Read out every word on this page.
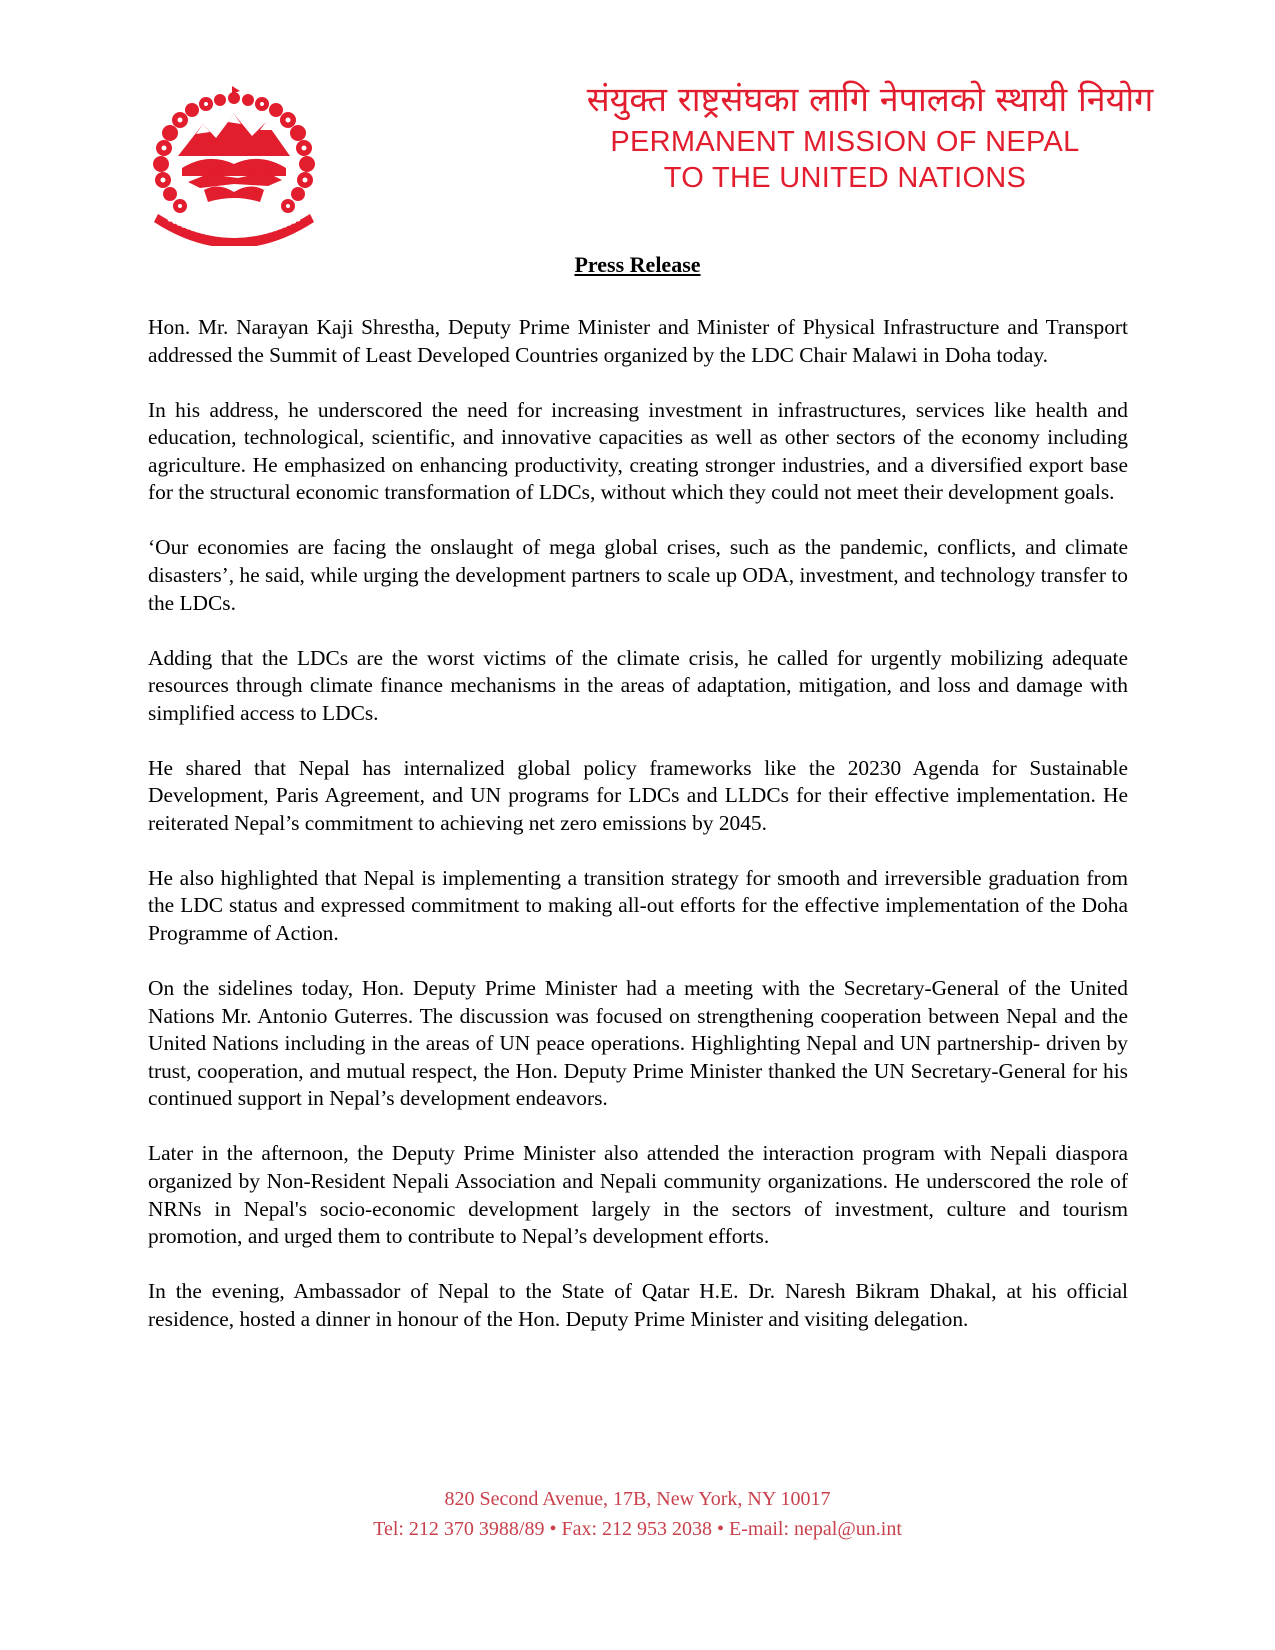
संयुक्त राष्ट्रसंघका लागि नेपालको स्थायी नियोग
PERMANENT MISSION OF NEPAL
TO THE UNITED NATIONS
Press Release

Hon. Mr. Narayan Kaji Shrestha, Deputy Prime Minister and Minister of Physical Infrastructure and Transport addressed the Summit of Least Developed Countries organized by the LDC Chair Malawi in Doha today.

In his address, he underscored the need for increasing investment in infrastructures, services like health and education, technological, scientific, and innovative capacities as well as other sectors of the economy including agriculture. He emphasized on enhancing productivity, creating stronger industries, and a diversified export base for the structural economic transformation of LDCs, without which they could not meet their development goals.

‘Our economies are facing the onslaught of mega global crises, such as the pandemic, conflicts, and climate disasters’, he said, while urging the development partners to scale up ODA, investment, and technology transfer to the LDCs.

Adding that the LDCs are the worst victims of the climate crisis, he called for urgently mobilizing adequate resources through climate finance mechanisms in the areas of adaptation, mitigation, and loss and damage with simplified access to LDCs.

He shared that Nepal has internalized global policy frameworks like the 20230 Agenda for Sustainable Development, Paris Agreement, and UN programs for LDCs and LLDCs for their effective implementation. He reiterated Nepal’s commitment to achieving net zero emissions by 2045.

He also highlighted that Nepal is implementing a transition strategy for smooth and irreversible graduation from the LDC status and expressed commitment to making all-out efforts for the effective implementation of the Doha Programme of Action.

On the sidelines today, Hon. Deputy Prime Minister had a meeting with the Secretary-General of the United Nations Mr. Antonio Guterres. The discussion was focused on strengthening cooperation between Nepal and the United Nations including in the areas of UN peace operations. Highlighting Nepal and UN partnership- driven by trust, cooperation, and mutual respect, the Hon. Deputy Prime Minister thanked the UN Secretary-General for his continued support in Nepal’s development endeavors.

Later in the afternoon, the Deputy Prime Minister also attended the interaction program with Nepali diaspora organized by Non-Resident Nepali Association and Nepali community organizations. He underscored the role of NRNs in Nepal's socio-economic development largely in the sectors of investment, culture and tourism promotion, and urged them to contribute to Nepal’s development efforts.

In the evening, Ambassador of Nepal to the State of Qatar H.E. Dr. Naresh Bikram Dhakal, at his official residence, hosted a dinner in honour of the Hon. Deputy Prime Minister and visiting delegation.

820 Second Avenue, 17B, New York, NY 10017
Tel: 212 370 3988/89 • Fax: 212 953 2038 • E-mail: nepal@un.int
